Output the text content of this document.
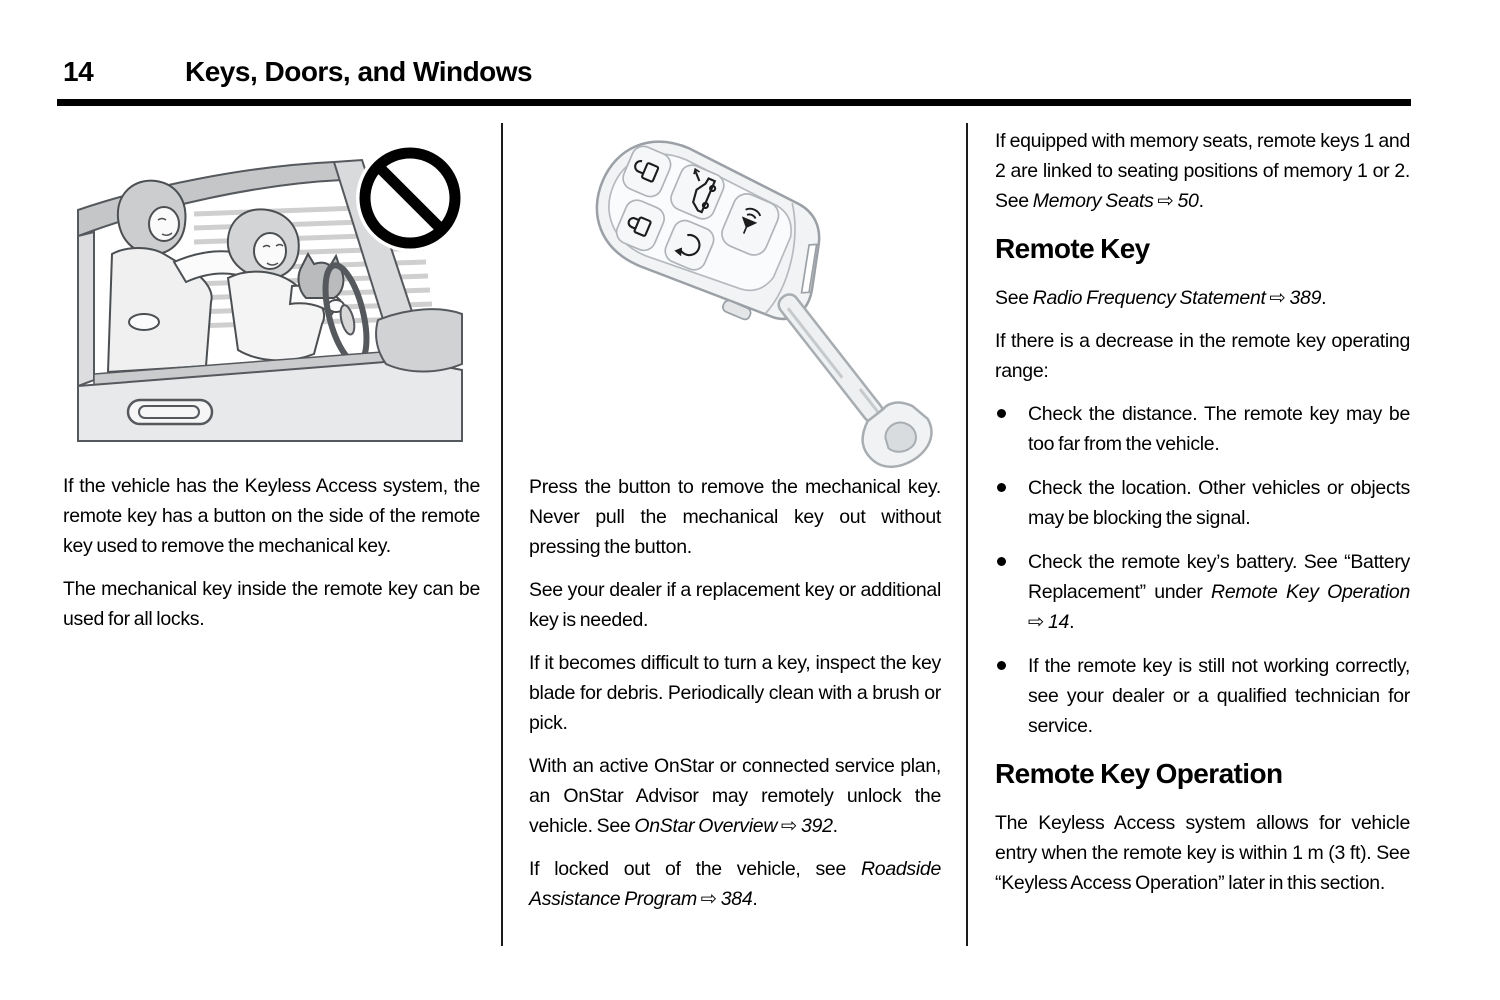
14	Keys, Doors, and Windows

If the vehicle has the Keyless Access system, the remote key has a button on the side of the remote key used to remove the mechanical key.

The mechanical key inside the remote key can be used for all locks.

Press the button to remove the mechanical key. Never pull the mechanical key out without pressing the button.

See your dealer if a replacement key or additional key is needed.

If it becomes difficult to turn a key, inspect the key blade for debris. Periodically clean with a brush or pick.

With an active OnStar or connected service plan, an OnStar Advisor may remotely unlock the vehicle. See OnStar Overview ⇨ 392.

If locked out of the vehicle, see Roadside Assistance Program ⇨ 384.

If equipped with memory seats, remote keys 1 and 2 are linked to seating positions of memory 1 or 2. See Memory Seats ⇨ 50.

Remote Key

See Radio Frequency Statement ⇨ 389.

If there is a decrease in the remote key operating range:

Check the distance. The remote key may be too far from the vehicle.
Check the location. Other vehicles or objects may be blocking the signal.
Check the remote key’s battery. See “Battery Replacement” under Remote Key Operation ⇨ 14.
If the remote key is still not working correctly, see your dealer or a qualified technician for service.
Remote Key Operation

The Keyless Access system allows for vehicle entry when the remote key is within 1 m (3 ft). See “Keyless Access Operation” later in this section.
